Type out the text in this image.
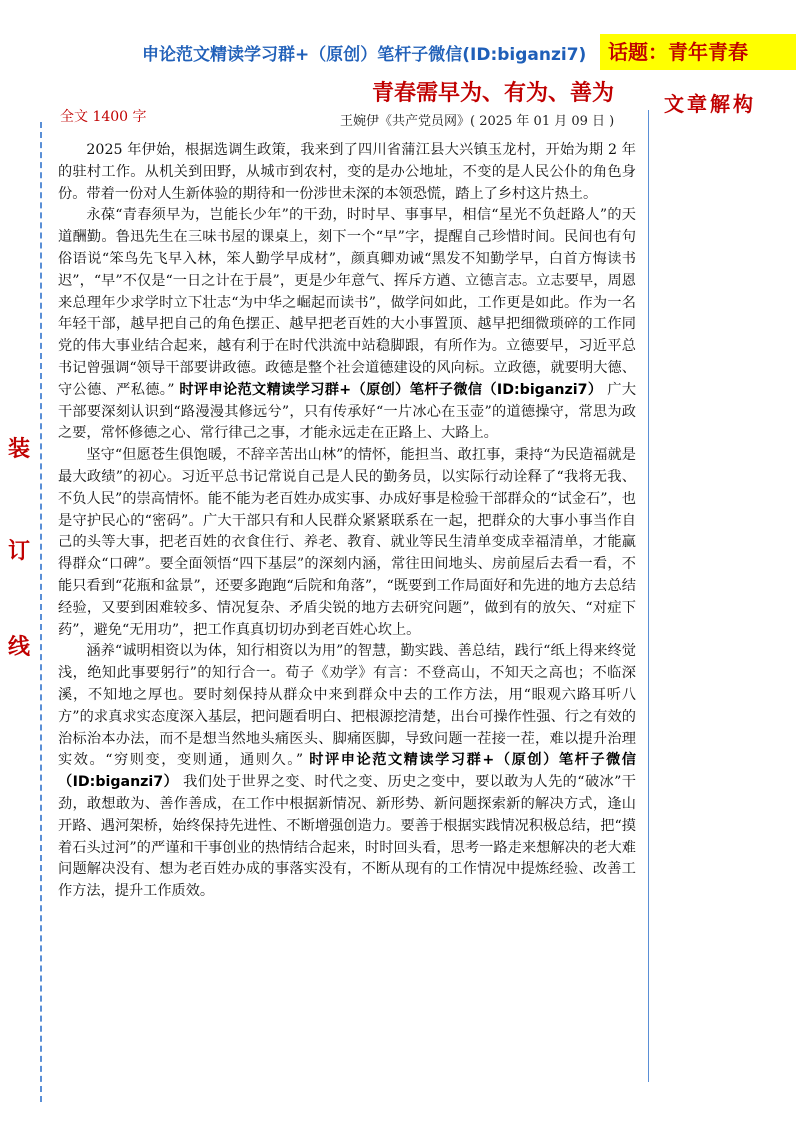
申论范文精读学习群+（原创）笔杆子微信(ID:biganzi7)	话题：青年青春
青春需早为、有为、善为 文章解构
全文 1400 字	王婉伊《共产党员网》( 2025 年 01 月 09 日 )
装
订
线

2025 年伊始，根据选调生政策，我来到了四川省蒲江县大兴镇玉龙村，开始为期 2 年的驻村工作。从机关到田野，从城市到农村，变的是办公地址，不变的是人民公仆的角色身份。带着一份对人生新体验的期待和一份涉世未深的本领恐慌，踏上了乡村这片热土。

永葆“青春须早为，岂能长少年”的干劲，时时早、事事早，相信“星光不负赶路人”的天道酬勤。鲁迅先生在三味书屋的课桌上，刻下一个“早”字，提醒自己珍惜时间。民间也有句俗语说“笨鸟先飞早入林，笨人勤学早成材”，颜真卿劝诫“黑发不知勤学早，白首方悔读书迟”，“早”不仅是“一日之计在于晨”，更是少年意气、挥斥方遒、立德言志。立志要早，周恩来总理年少求学时立下壮志“为中华之崛起而读书”，做学问如此，工作更是如此。作为一名年轻干部，越早把自己的角色摆正、越早把老百姓的大小事置顶、越早把细微琐碎的工作同党的伟大事业结合起来，越有利于在时代洪流中站稳脚跟，有所作为。立德要早，习近平总书记曾强调“领导干部要讲政德。政德是整个社会道德建设的风向标。立政德，就要明大德、守公德、严私德。” 时评申论范文精读学习群+（原创）笔杆子微信（ID:biganzi7） 广大干部要深刻认识到“路漫漫其修远兮”，只有传承好“一片冰心在玉壶”的道德操守，常思为政之要，常怀修德之心、常行律己之事，才能永远走在正路上、大路上。

坚守“但愿苍生俱饱暖，不辞辛苦出山林”的情怀，能担当、敢扛事，秉持“为民造福就是最大政绩”的初心。习近平总书记常说自己是人民的勤务员，以实际行动诠释了“我将无我、不负人民”的崇高情怀。能不能为老百姓办成实事、办成好事是检验干部群众的“试金石”，也是守护民心的“密码”。广大干部只有和人民群众紧紧联系在一起，把群众的大事小事当作自己的头等大事，把老百姓的衣食住行、养老、教育、就业等民生清单变成幸福清单，才能赢得群众“口碑”。要全面领悟“四下基层”的深刻内涵，常往田间地头、房前屋后去看一看，不能只看到“花瓶和盆景”，还要多跑跑“后院和角落”，“既要到工作局面好和先进的地方去总结经验，又要到困难较多、情况复杂、矛盾尖锐的地方去研究问题”，做到有的放矢、“对症下药”，避免“无用功”，把工作真真切切办到老百姓心坎上。

涵养“诚明相资以为体，知行相资以为用”的智慧，勤实践、善总结，践行“纸上得来终觉浅，绝知此事要躬行”的知行合一。荀子《劝学》有言：不登高山，不知天之高也；不临深溪，不知地之厚也。要时刻保持从群众中来到群众中去的工作方法，用“眼观六路耳听八方”的求真求实态度深入基层，把问题看明白、把根源挖清楚，出台可操作性强、行之有效的治标治本办法，而不是想当然地头痛医头、脚痛医脚，导致问题一茬接一茬，难以提升治理实效。“穷则变，变则通，通则久。” 时评申论范文精读学习群+（原创）笔杆子微信（ID:biganzi7） 我们处于世界之变、时代之变、历史之变中，要以敢为人先的“破冰”干劲，敢想敢为、善作善成，在工作中根据新情况、新形势、新问题探索新的解决方式，逢山开路、遇河架桥，始终保持先进性、不断增强创造力。要善于根据实践情况积极总结，把“摸着石头过河”的严谨和干事创业的热情结合起来，时时回头看，思考一路走来想解决的老大难问题解决没有、想为老百姓办成的事落实没有，不断从现有的工作情况中提炼经验、改善工作方法，提升工作质效。
